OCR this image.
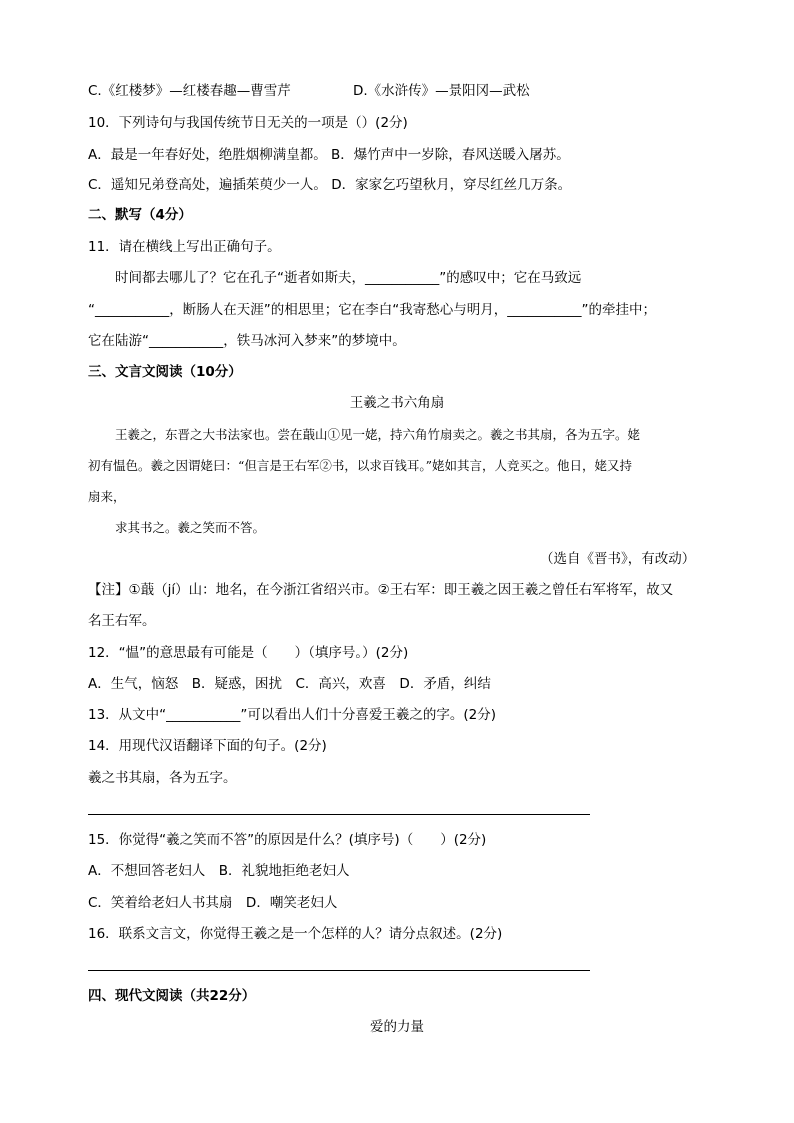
C.《红楼梦》—红楼春趣—曹雪芹	D.《水浒传》—景阳冈—武松
10．下列诗句与我国传统节日无关的一项是（）(2分)
A．最是一年春好处，绝胜烟柳满皇都。 B．爆竹声中一岁除，春风送暖入屠苏。
C．遥知兄弟登高处，遍插茱萸少一人。 D．家家乞巧望秋月，穿尽红丝几万条。
二、默写（4分）
11．请在横线上写出正确句子。
时间都去哪儿了？它在孔子“逝者如斯夫，___________”的感叹中；它在马致远
“___________，断肠人在天涯”的相思里；它在李白“我寄愁心与明月，___________”的牵挂中；
它在陆游“___________，铁马冰河入梦来”的梦境中。
三、文言文阅读（10分）
王羲之书六角扇
王羲之，东晋之大书法家也。尝在蕺山①见一姥，持六角竹扇卖之。羲之书其扇，各为五字。姥
初有愠色。羲之因谓姥曰：“但言是王右军②书，以求百钱耳。”姥如其言，人竞买之。他日，姥又持
扇来，
求其书之。羲之笑而不答。
（选自《晋书》，有改动）
【注】①蕺（jí）山：地名，在今浙江省绍兴市。②王右军：即王羲之因王羲之曾任右军将军，故又
名王右军。
12．“愠”的意思最有可能是（　　）（填序号。）(2分)
A．生气，恼怒　B．疑惑，困扰　C．高兴，欢喜　D．矛盾，纠结
13．从文中“___________”可以看出人们十分喜爱王羲之的字。(2分)
14．用现代汉语翻译下面的句子。(2分)
羲之书其扇，各为五字。
15．你觉得“羲之笑而不答”的原因是什么？(填序号)（　　）(2分)
A．不想回答老妇人　B．礼貌地拒绝老妇人
C．笑着给老妇人书其扇　D．嘲笑老妇人
16．联系文言文，你觉得王羲之是一个怎样的人？请分点叙述。(2分)
四、现代文阅读（共22分）
爱的力量
